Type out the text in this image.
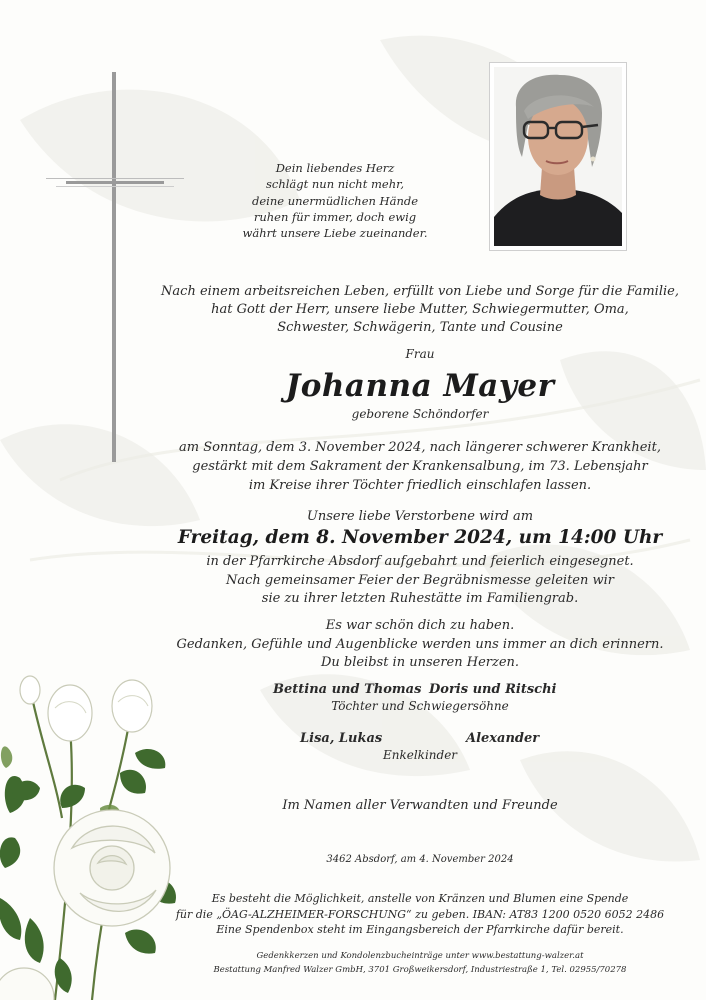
Dein liebendes Herz
schlägt nun nicht mehr,
deine unermüdlichen Hände
ruhen für immer, doch ewig
währt unsere Liebe zueinander.
Nach einem arbeitsreichen Leben, erfüllt von Liebe und Sorge für die Familie,
hat Gott der Herr, unsere liebe Mutter, Schwiegermutter, Oma,
Schwester, Schwägerin, Tante und Cousine
Frau
Johanna Mayer
geborene Schöndorfer
am Sonntag, dem 3. November 2024, nach längerer schwerer Krankheit,
gestärkt mit dem Sakrament der Krankensalbung, im 73. Lebensjahr
im Kreise ihrer Töchter friedlich einschlafen lassen.
Unsere liebe Verstorbene wird am
Freitag, dem 8. November 2024, um 14:00 Uhr
in der Pfarrkirche Absdorf aufgebahrt und feierlich eingesegnet.
Nach gemeinsamer Feier der Begräbnismesse geleiten wir
sie zu ihrer letzten Ruhestätte im Familiengrab.
Es war schön dich zu haben.
Gedanken, Gefühle und Augenblicke werden uns immer an dich erinnern.
Du bleibst in unseren Herzen.
Bettina und Thomas Doris und Ritschi
Töchter und Schwiegersöhne
Lisa, Lukas	Alexander
Enkelkinder
Im Namen aller Verwandten und Freunde
3462 Absdorf, am 4. November 2024
Es besteht die Möglichkeit, anstelle von Kränzen und Blumen eine Spende
für die „ÖAG-ALZHEIMER-FORSCHUNG“ zu geben. IBAN: AT83 1200 0520 6052 2486
Eine Spendenbox steht im Eingangsbereich der Pfarrkirche dafür bereit.
Gedenkkerzen und Kondolenzbucheinträge unter www.bestattung-walzer.at
Bestattung Manfred Walzer GmbH, 3701 Großweikersdorf, Industriestraße 1, Tel. 02955/70278
